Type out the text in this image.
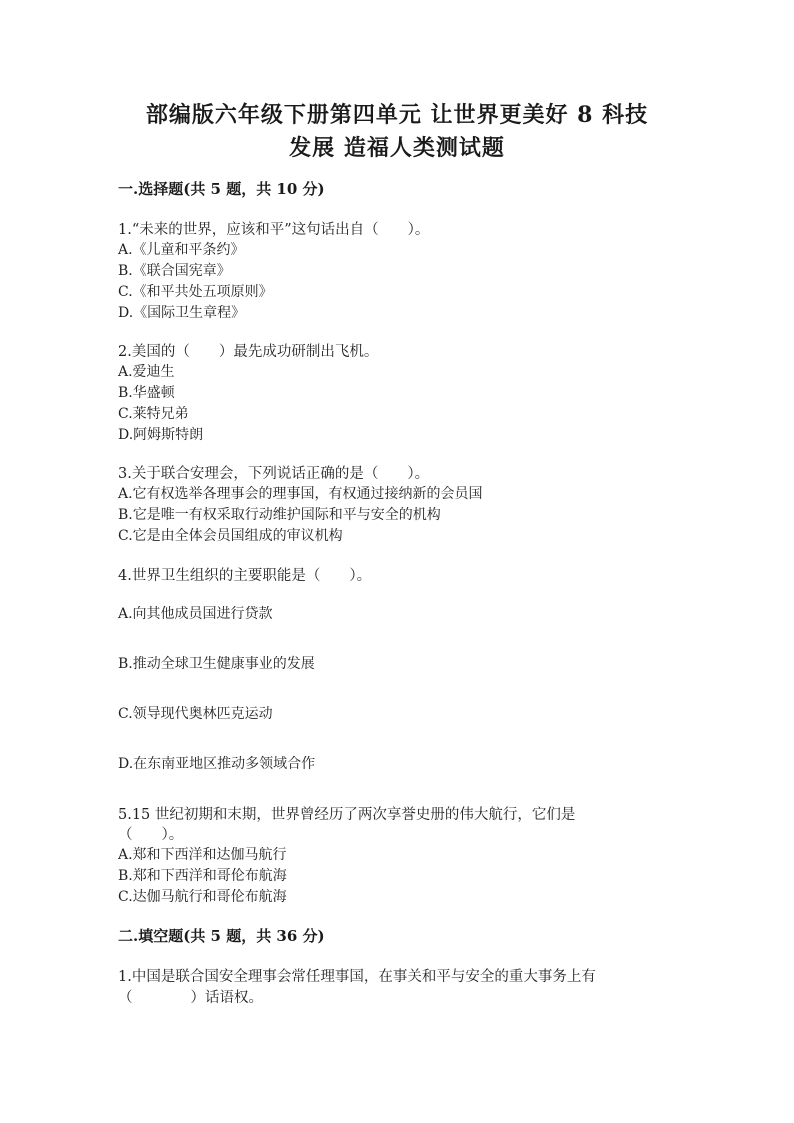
部编版六年级下册第四单元 让世界更美好 8 科技
发展 造福人类测试题
一.选择题(共 5 题，共 10 分)
1.“未来的世界，应该和平”这句话出自（　　）。
A.《儿童和平条约》
B.《联合国宪章》
C.《和平共处五项原则》
D.《国际卫生章程》
2.美国的（　　）最先成功研制出飞机。
A.爱迪生
B.华盛顿
C.莱特兄弟
D.阿姆斯特朗
3.关于联合安理会，下列说话正确的是（　　）。
A.它有权选举各理事会的理事国，有权通过接纳新的会员国
B.它是唯一有权采取行动维护国际和平与安全的机构
C.它是由全体会员国组成的审议机构
4.世界卫生组织的主要职能是（　　）。
A.向其他成员国进行贷款
B.推动全球卫生健康事业的发展
C.领导现代奥林匹克运动
D.在东南亚地区推动多领域合作
5.15 世纪初期和末期，世界曾经历了两次享誉史册的伟大航行，它们是
（　　）。
A.郑和下西洋和达伽马航行
B.郑和下西洋和哥伦布航海
C.达伽马航行和哥伦布航海
二.填空题(共 5 题，共 36 分)
1.中国是联合国安全理事会常任理事国，在事关和平与安全的重大事务上有
（　　　　）话语权。
